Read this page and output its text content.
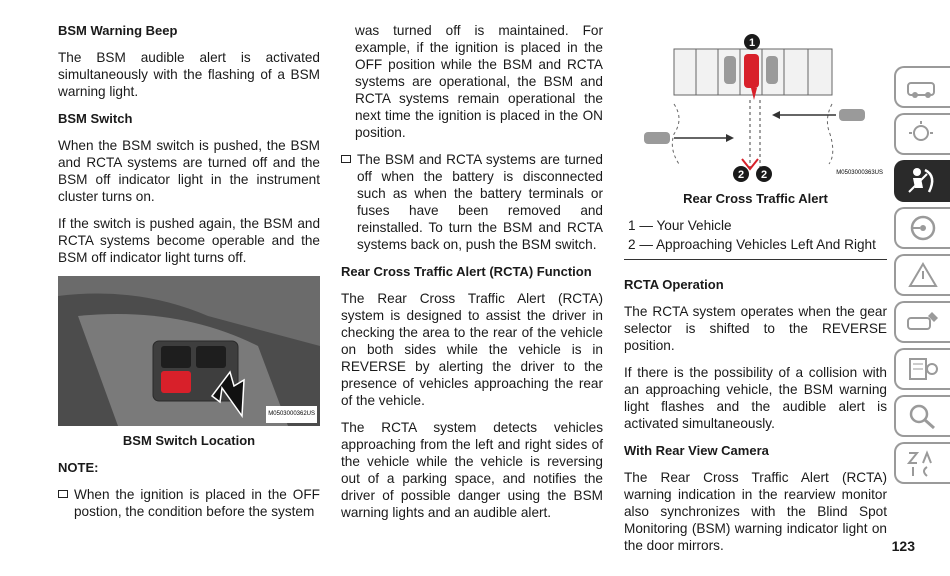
BSM Warning Beep

The BSM audible alert is activated simultaneously with the flashing of a BSM warning light.

BSM Switch

When the BSM switch is pushed, the BSM and RCTA systems are turned off and the BSM off indicator light in the instrument cluster turns on.

If the switch is pushed again, the BSM and RCTA systems become operable and the BSM off indicator light turns off.

M0503000362US
BSM Switch Location
NOTE:
When the ignition is placed in the OFF postion, the condition before the system

was turned off is maintained. For example, if the ignition is placed in the OFF position while the BSM and RCTA systems are operational, the BSM and RCTA systems remain operational the next time the ignition is placed in the ON position.

The BSM and RCTA systems are turned off when the battery is disconnected such as when the battery terminals or fuses have been removed and reinstalled. To turn the BSM and RCTA systems back on, push the BSM switch.
Rear Cross Traffic Alert (RCTA) Function

The Rear Cross Traffic Alert (RCTA) system is designed to assist the driver in checking the area to the rear of the vehicle on both sides while the vehicle is in REVERSE by alerting the driver to the presence of vehicles approaching the rear of the vehicle.

The RCTA system detects vehicles approaching from the left and right sides of the vehicle while the vehicle is reversing out of a parking space, and notifies the driver of possible danger using the BSM warning lights and an audible alert.

1
2 2	M0503000363US
Rear Cross Traffic Alert
1 — Your Vehicle
2 — Approaching Vehicles Left And Right
RCTA Operation

The RCTA system operates when the gear selector is shifted to the REVERSE position.

If there is the possibility of a collision with an approaching vehicle, the BSM warning light flashes and the audible alert is activated simultaneously.

With Rear View Camera

The Rear Cross Traffic Alert (RCTA) warning indication in the rearview monitor also synchronizes with the Blind Spot Monitoring (BSM) warning indicator light on the door mirrors.	123
